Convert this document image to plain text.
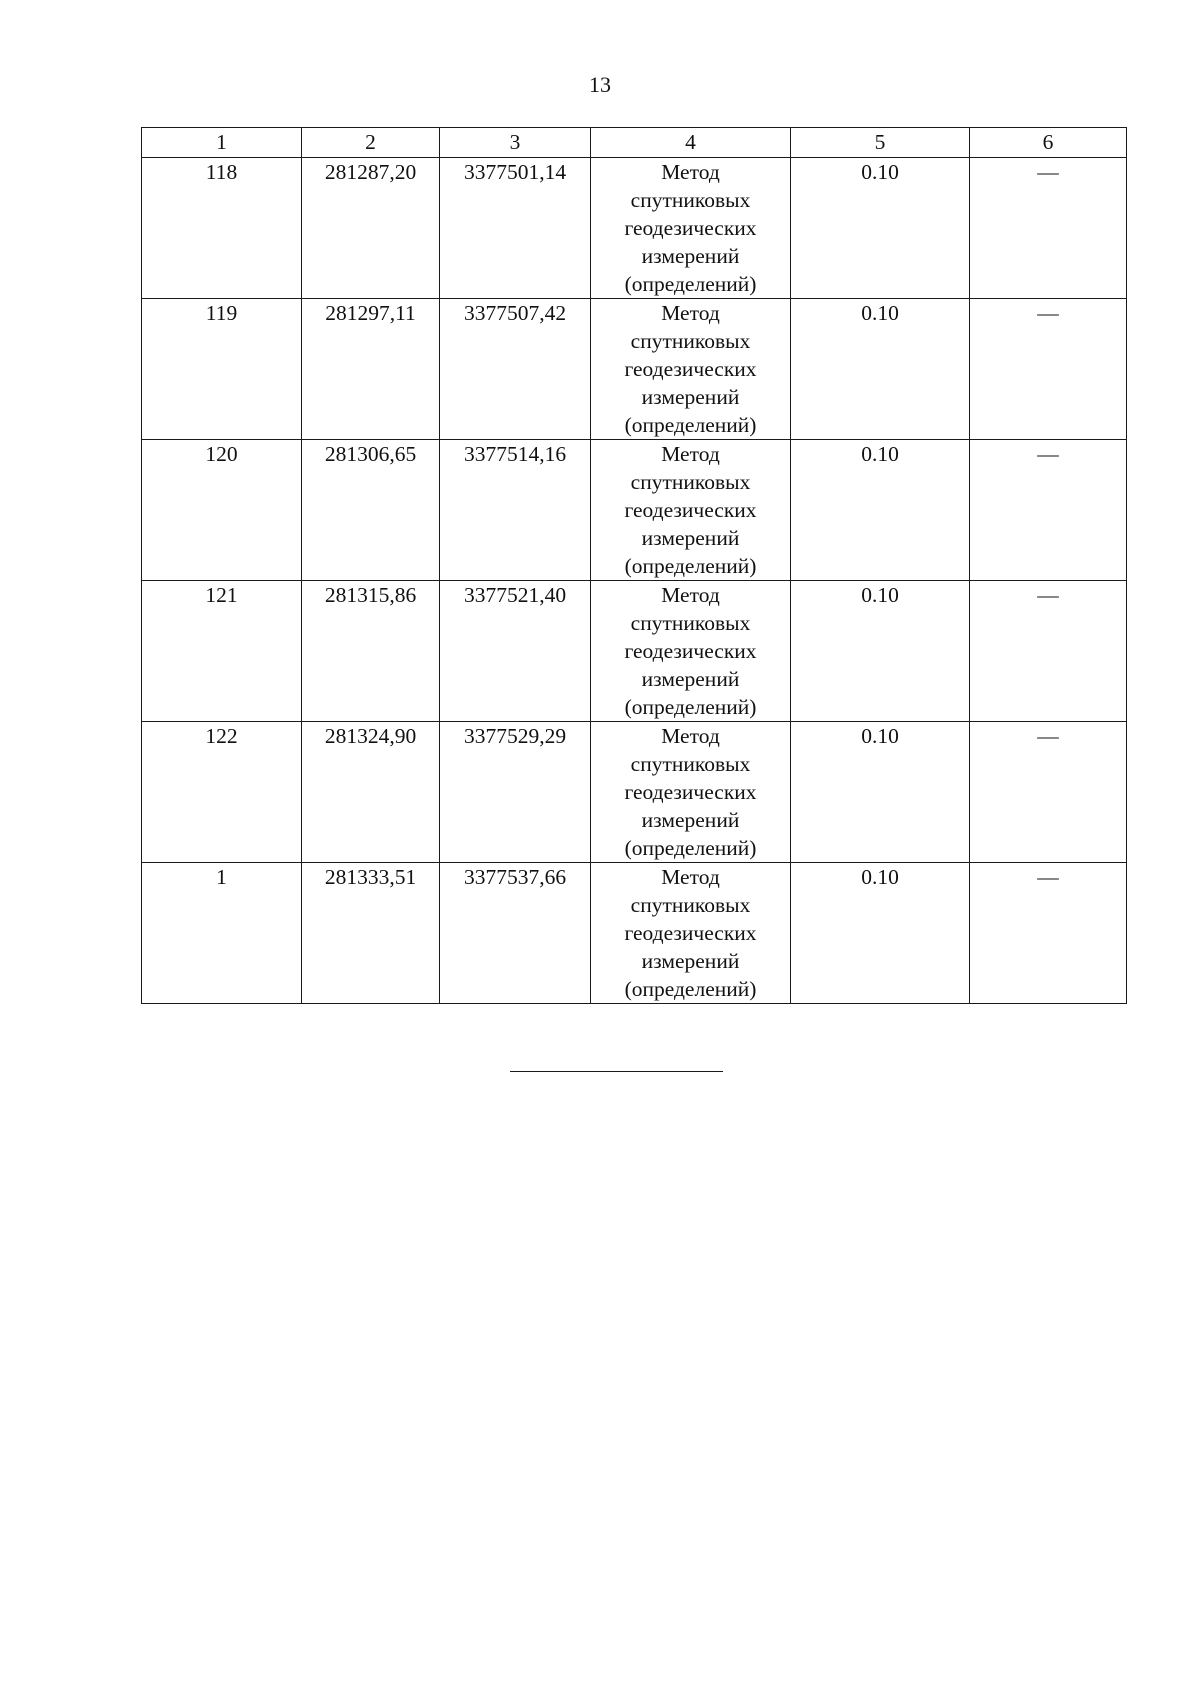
13
1	2	3	4	5	6
118	281287,20	3377501,14	Метод
спутниковых
геодезических
измерений
(определений)	0.10	—
119	281297,11	3377507,42	Метод
спутниковых
геодезических
измерений
(определений)	0.10	—
120	281306,65	3377514,16	Метод
спутниковых
геодезических
измерений
(определений)	0.10	—
121	281315,86	3377521,40	Метод
спутниковых
геодезических
измерений
(определений)	0.10	—
122	281324,90	3377529,29	Метод
спутниковых
геодезических
измерений
(определений)	0.10	—
1	281333,51	3377537,66	Метод
спутниковых
геодезических
измерений
(определений)	0.10	—
